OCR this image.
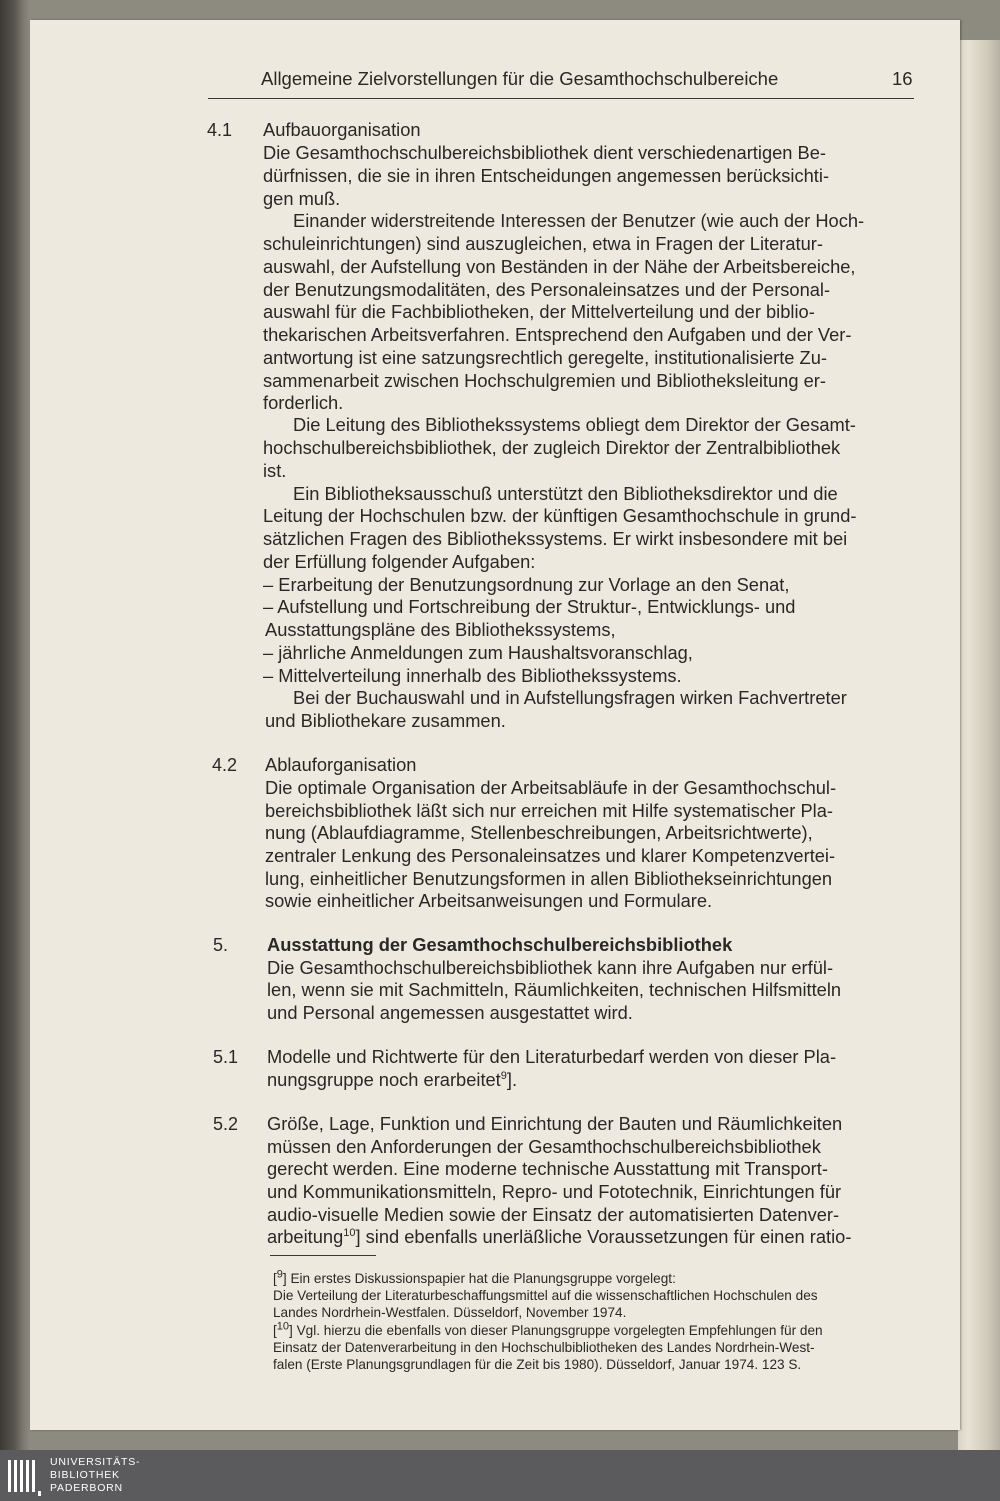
Allgemeine Zielvorstellungen für die Gesamthochschulbereiche	16
4.1 Aufbauorganisation
Die Gesamthochschulbereichsbibliothek dient verschiedenartigen Be-
dürfnissen, die sie in ihren Entscheidungen angemessen berücksichti-
gen muß.
Einander widerstreitende Interessen der Benutzer (wie auch der Hoch-
schuleinrichtungen) sind auszugleichen, etwa in Fragen der Literatur-
auswahl, der Aufstellung von Beständen in der Nähe der Arbeitsbereiche,
der Benutzungsmodalitäten, des Personaleinsatzes und der Personal-
auswahl für die Fachbibliotheken, der Mittelverteilung und der biblio-
thekarischen Arbeitsverfahren. Entsprechend den Aufgaben und der Ver-
antwortung ist eine satzungsrechtlich geregelte, institutionalisierte Zu-
sammenarbeit zwischen Hochschulgremien und Bibliotheksleitung er-
forderlich.
Die Leitung des Bibliothekssystems obliegt dem Direktor der Gesamt-
hochschulbereichsbibliothek, der zugleich Direktor der Zentralbibliothek
ist.
Ein Bibliotheksausschuß unterstützt den Bibliotheksdirektor und die
Leitung der Hochschulen bzw. der künftigen Gesamthochschule in grund-
sätzlichen Fragen des Bibliothekssystems. Er wirkt insbesondere mit bei
der Erfüllung folgender Aufgaben:
– Erarbeitung der Benutzungsordnung zur Vorlage an den Senat,
– Aufstellung und Fortschreibung der Struktur-, Entwicklungs- und
Ausstattungspläne des Bibliothekssystems,
– jährliche Anmeldungen zum Haushaltsvoranschlag,
– Mittelverteilung innerhalb des Bibliothekssystems.
Bei der Buchauswahl und in Aufstellungsfragen wirken Fachvertreter
und Bibliothekare zusammen.
4.2 Ablauforganisation
Die optimale Organisation der Arbeitsabläufe in der Gesamthochschul-
bereichsbibliothek läßt sich nur erreichen mit Hilfe systematischer Pla-
nung (Ablaufdiagramme, Stellenbeschreibungen, Arbeitsrichtwerte),
zentraler Lenkung des Personaleinsatzes und klarer Kompetenzvertei-
lung, einheitlicher Benutzungsformen in allen Bibliothekseinrichtungen
sowie einheitlicher Arbeitsanweisungen und Formulare.
5. Ausstattung der Gesamthochschulbereichsbibliothek
Die Gesamthochschulbereichsbibliothek kann ihre Aufgaben nur erfül-
len, wenn sie mit Sachmitteln, Räumlichkeiten, technischen Hilfsmitteln
und Personal angemessen ausgestattet wird.
5.1 Modelle und Richtwerte für den Literaturbedarf werden von dieser Pla-
nungsgruppe noch erarbeitet$^9$].
5.2 Größe, Lage, Funktion und Einrichtung der Bauten und Räumlichkeiten
müssen den Anforderungen der Gesamthochschulbereichsbibliothek
gerecht werden. Eine moderne technische Ausstattung mit Transport-
und Kommunikationsmitteln, Repro- und Fototechnik, Einrichtungen für
audio-visuelle Medien sowie der Einsatz der automatisierten Datenver-
arbeitung$^{10}$] sind ebenfalls unerläßliche Voraussetzungen für einen ratio-
[$^9$] Ein erstes Diskussionspapier hat die Planungsgruppe vorgelegt:
Die Verteilung der Literaturbeschaffungsmittel auf die wissenschaftlichen Hochschulen des
Landes Nordrhein-Westfalen. Düsseldorf, November 1974.
[$^{10}$] Vgl. hierzu die ebenfalls von dieser Planungsgruppe vorgelegten Empfehlungen für den
Einsatz der Datenverarbeitung in den Hochschulbibliotheken des Landes Nordrhein-West-
falen (Erste Planungsgrundlagen für die Zeit bis 1980). Düsseldorf, Januar 1974. 123 S.
UNIVERSITÄTS-
BIBLIOTHEK
PADERBORN
